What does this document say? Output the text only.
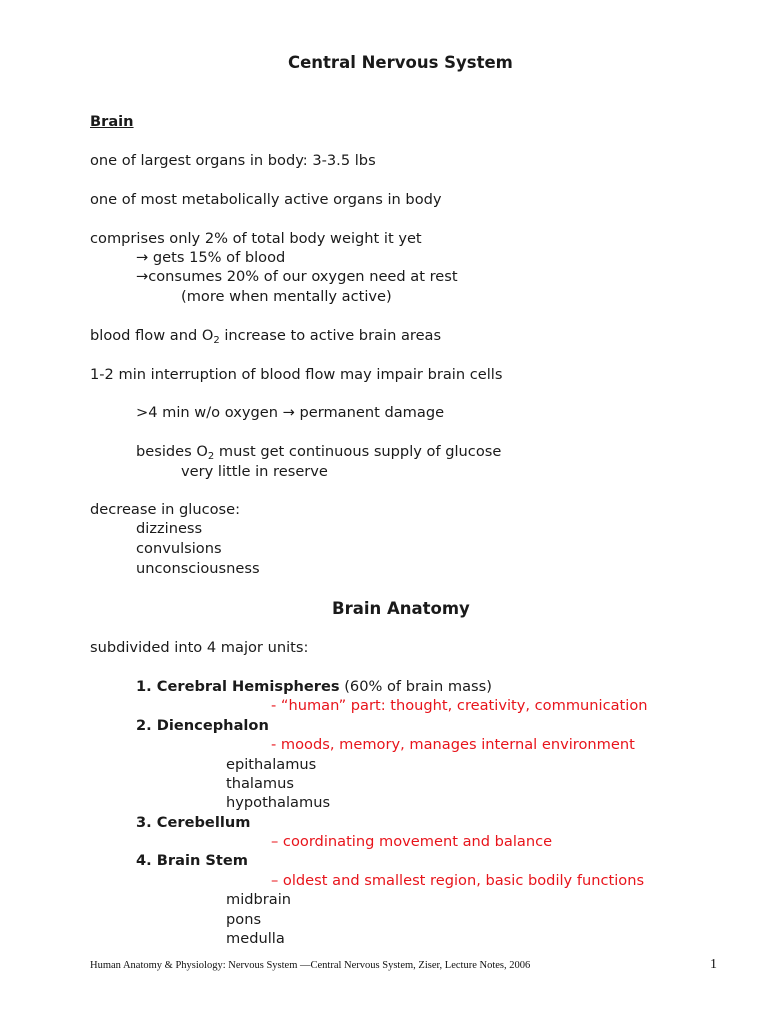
Central Nervous System
Brain
one of largest organs in body: 3-3.5 lbs
one of most metabolically active organs in body
comprises only 2% of total body weight it yet
→ gets 15% of blood
→consumes 20% of our oxygen need at rest
(more when mentally active)
blood flow and $O_2$ increase to active brain areas
1-2 min interruption of blood flow may impair brain cells
>4 min w/o oxygen → permanent damage
besides $O_2$ must get continuous supply of glucose
very little in reserve
decrease in glucose:
dizziness
convulsions
unconsciousness
Brain Anatomy
subdivided into 4 major units:
1. Cerebral Hemispheres (60% of brain mass)
- “human” part: thought, creativity, communication
2. Diencephalon
- moods, memory, manages internal environment
epithalamus
thalamus
hypothalamus
3. Cerebellum
– coordinating movement and balance
4. Brain Stem
– oldest and smallest region, basic bodily functions
midbrain
pons
medulla
Human Anatomy & Physiology: Nervous System —Central Nervous System, Ziser, Lecture Notes, 2006	1
